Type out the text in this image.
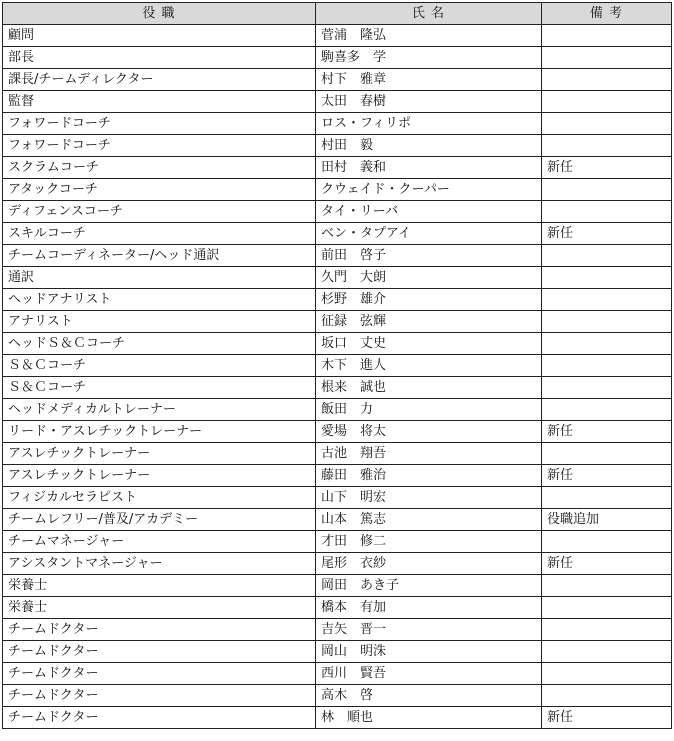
役 職	氏 名	備 考
顧問	菅浦　隆弘	
部長	駒喜多　学	
課長/チームディレクター	村下　雅章	
監督	太田　春樹	
フォワードコーチ	ロス・フィリポ	
フォワードコーチ	村田　毅	
スクラムコーチ	田村　義和	新任
アタックコーチ	クウェイド・クーパー	
ディフェンスコーチ	タイ・リーバ	
スキルコーチ	ベン・タプアイ	新任
チームコーディネーター/ヘッド通訳	前田　啓子	
通訳	久門　大朗	
ヘッドアナリスト	杉野　雄介	
アナリスト	征録　弦輝	
ヘッドＳ＆Ｃコーチ	坂口　丈史	
Ｓ＆Ｃコーチ	木下　進人	
Ｓ＆Ｃコーチ	根来　誠也	
ヘッドメディカルトレーナー	飯田　力	
リード・アスレチックトレーナー	愛場　将太	新任
アスレチックトレーナー	古池　翔吾	
アスレチックトレーナー	藤田　雅治	新任
フィジカルセラピスト	山下　明宏	
チームレフリー/普及/アカデミー	山本　篤志	役職追加
チームマネージャー	才田　修二	
アシスタントマネージャー	尾形　衣紗	新任
栄養士	岡田　あき子	
栄養士	橋本　有加	
チームドクター	吉矢　晋一	
チームドクター	岡山　明洙	
チームドクター	西川　賢吾	
チームドクター	高木　啓	
チームドクター	林　順也	新任
